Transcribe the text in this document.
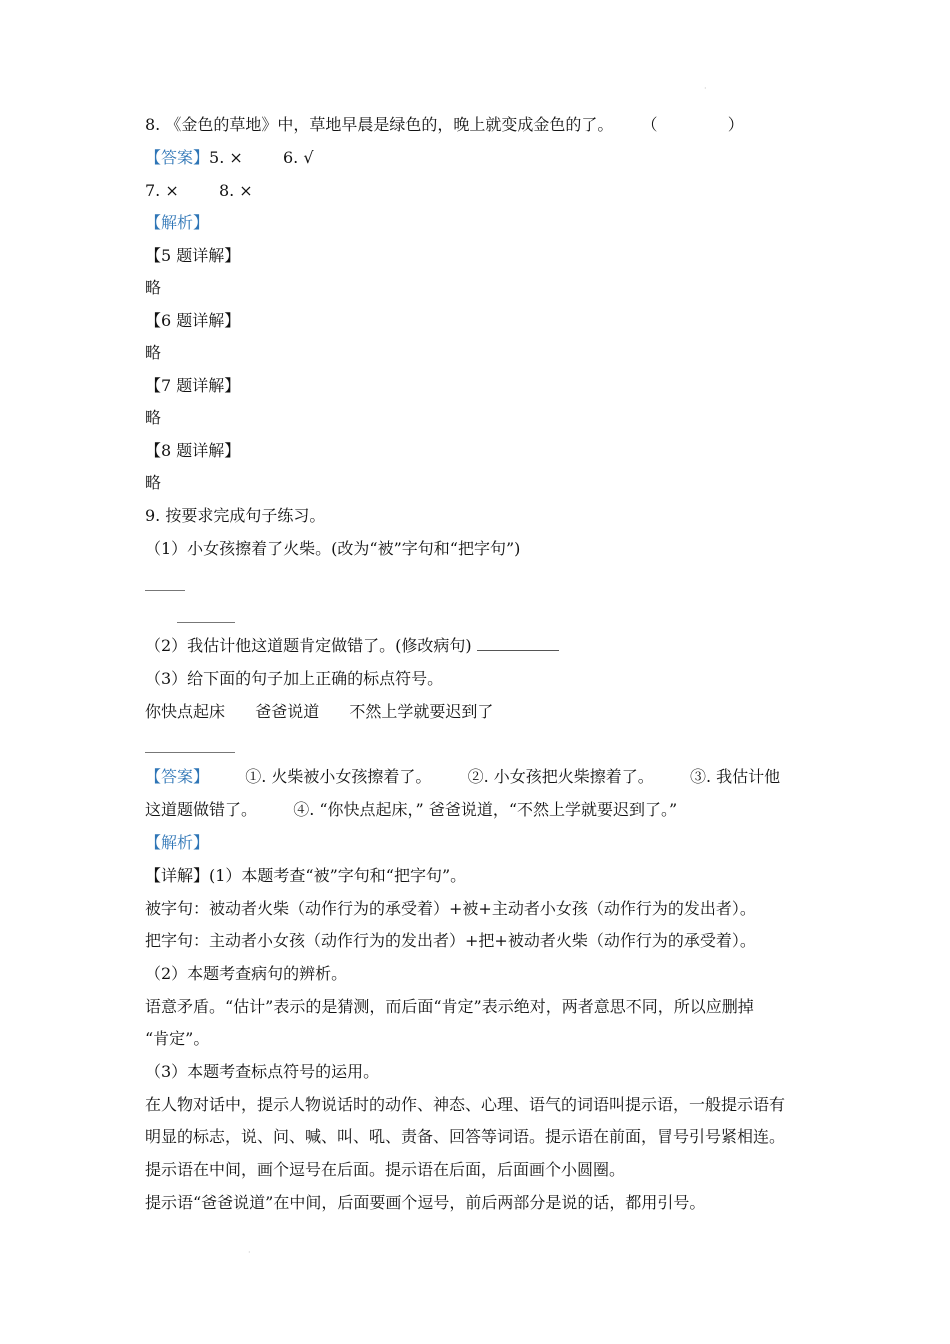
·
8. 《金色的草地》中，草地早晨是绿色的，晚上就变成金色的了。 （	）
【答案】5. ×	6. √
7. ×	8. ×
【解析】
【5 题详解】
略
【6 题详解】
略
【7 题详解】
略
【8 题详解】
略
9. 按要求完成句子练习。
（1）小女孩擦着了火柴。(改为“被”字句和“把字句”)
（2）我估计他这道题肯定做错了。(修改病句)
（3）给下面的句子加上正确的标点符号。
你快点起床 爸爸说道 不然上学就要迟到了
【答案】 ①. 火柴被小女孩擦着了。 ②. 小女孩把火柴擦着了。 ③. 我估计他
这道题做错了。 ④. “你快点起床，” 爸爸说道，“不然上学就要迟到了。”
【解析】
【详解】(1）本题考查“被”字句和“把字句”。
被字句：被动者火柴（动作行为的承受着）+被+主动者小女孩（动作行为的发出者）。
把字句：主动者小女孩（动作行为的发出者）+把+被动者火柴（动作行为的承受着）。
（2）本题考查病句的辨析。
语意矛盾。“估计”表示的是猜测，而后面“肯定”表示绝对，两者意思不同，所以应删掉
“肯定”。
（3）本题考查标点符号的运用。
在人物对话中，提示人物说话时的动作、神态、心理、语气的词语叫提示语，一般提示语有
明显的标志，说、问、喊、叫、吼、责备、回答等词语。提示语在前面，冒号引号紧相连。
提示语在中间，画个逗号在后面。提示语在后面，后面画个小圆圈。
提示语“爸爸说道”在中间，后面要画个逗号，前后两部分是说的话，都用引号。
·
